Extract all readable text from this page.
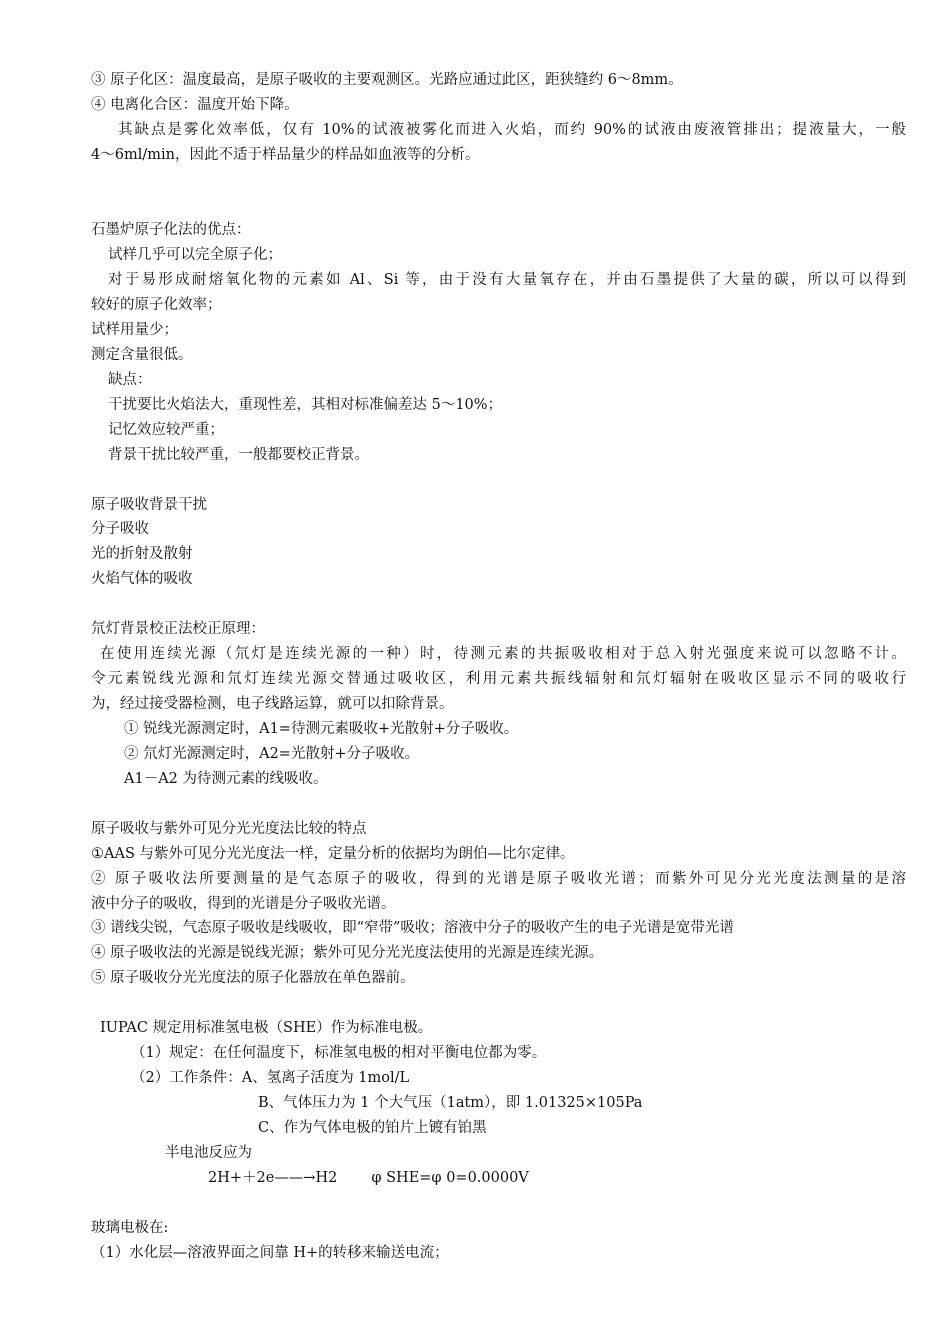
③ 原子化区：温度最高，是原子吸收的主要观测区。光路应通过此区，距狭缝约 6～8mm。
④ 电离化合区：温度开始下降。
其缺点是雾化效率低，仅有 10%的试液被雾化而进入火焰，而约 90%的试液由废液管排出；提液量大，一般
4～6ml/min，因此不适于样品量少的样品如血液等的分析。
石墨炉原子化法的优点：
试样几乎可以完全原子化；
对于易形成耐熔氧化物的元素如 Al、Si 等，由于没有大量氧存在，并由石墨提供了大量的碳，所以可以得到
较好的原子化效率；
试样用量少；
测定含量很低。
缺点：
干扰要比火焰法大，重现性差，其相对标准偏差达 5～10%；
记忆效应较严重；
背景干扰比较严重，一般都要校正背景。
原子吸收背景干扰
分子吸收
光的折射及散射
火焰气体的吸收
氘灯背景校正法校正原理：
在使用连续光源（氘灯是连续光源的一种）时，待测元素的共振吸收相对于总入射光强度来说可以忽略不计。
令元素锐线光源和氘灯连续光源交替通过吸收区，利用元素共振线辐射和氘灯辐射在吸收区显示不同的吸收行
为，经过接受器检测，电子线路运算，就可以扣除背景。
① 锐线光源测定时，A1=待测元素吸收+光散射+分子吸收。
② 氘灯光源测定时，A2=光散射+分子吸收。
A1－A2 为待测元素的线吸收。
原子吸收与紫外可见分光光度法比较的特点
①AAS 与紫外可见分光光度法一样，定量分析的依据均为朗伯—比尔定律。
② 原子吸收法所要测量的是气态原子的吸收，得到的光谱是原子吸收光谱；而紫外可见分光光度法测量的是溶
液中分子的吸收，得到的光谱是分子吸收光谱。
③ 谱线尖锐，气态原子吸收是线吸收，即“窄带”吸收；溶液中分子的吸收产生的电子光谱是宽带光谱
④ 原子吸收法的光源是锐线光源；紫外可见分光光度法使用的光源是连续光源。
⑤ 原子吸收分光光度法的原子化器放在单色器前。
IUPAC 规定用标准氢电极（SHE）作为标准电极。
（1）规定：在任何温度下，标准氢电极的相对平衡电位都为零。
（2）工作条件：A、氢离子活度为 1mol/L
B、气体压力为 1 个大气压（1atm），即 1.01325×105Pa
C、作为气体电极的铂片上镀有铂黑
半电池反应为
2H+＋2e——→H2 φ SHE=φ 0=0.0000V
玻璃电极在:
（1）水化层—溶液界面之间靠 H+的转移来输送电流；
